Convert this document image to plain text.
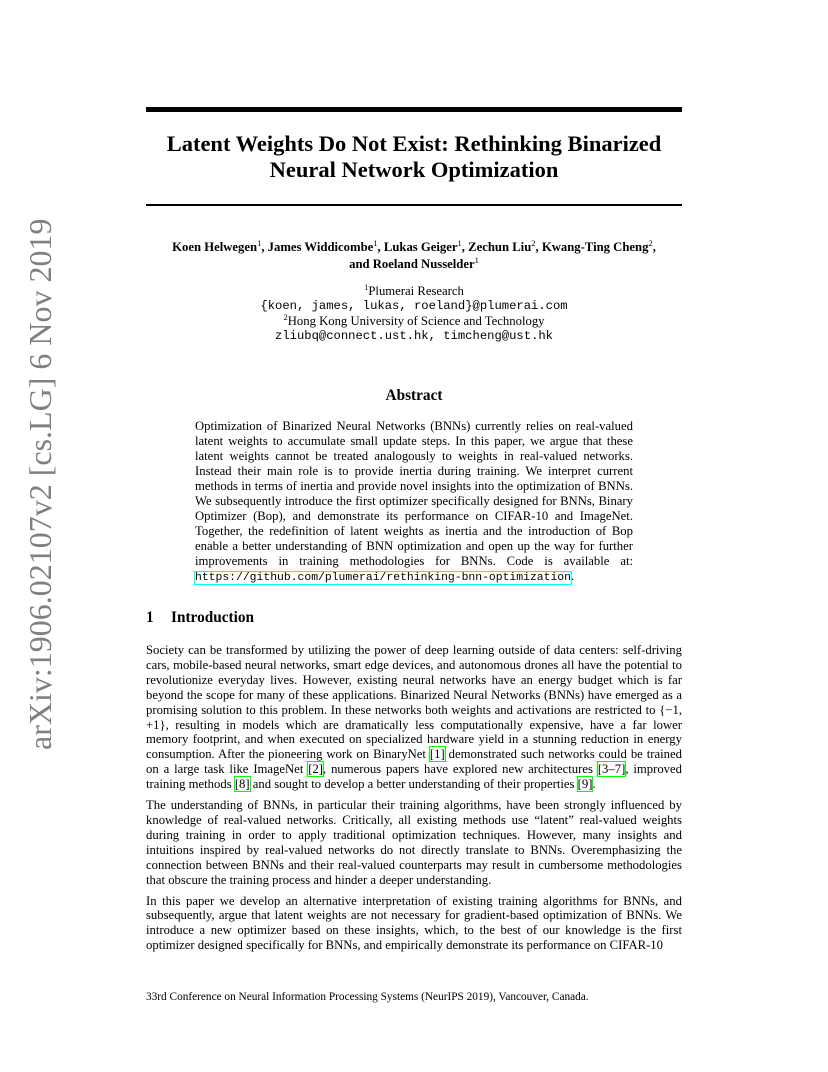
arXiv:1906.02107v2 [cs.LG] 6 Nov 2019
Latent Weights Do Not Exist: Rethinking Binarized
Neural Network Optimization
Koen Helwegen$^1$, James Widdicombe$^1$, Lukas Geiger$^1$, Zechun Liu$^2$, Kwang-Ting Cheng$^2$,
and Roeland Nusselder$^1$
$^1$Plumerai Research
{koen, james, lukas, roeland}@plumerai.com
$^2$Hong Kong University of Science and Technology
zliubq@connect.ust.hk, timcheng@ust.hk
Abstract
Optimization of Binarized Neural Networks (BNNs) currently relies on real-valued latent weights to accumulate small update steps. In this paper, we argue that these latent weights cannot be treated analogously to weights in real-valued networks. Instead their main role is to provide inertia during training. We interpret current methods in terms of inertia and provide novel insights into the optimization of BNNs. We subsequently introduce the first optimizer specifically designed for BNNs, Binary Optimizer (Bop), and demonstrate its performance on CIFAR-10 and ImageNet. Together, the redefinition of latent weights as inertia and the introduction of Bop enable a better understanding of BNN optimization and open up the way for further improvements in training methodologies for BNNs. Code is available at: https://github.com/plumerai/rethinking-bnn-optimization.
1 Introduction

Society can be transformed by utilizing the power of deep learning outside of data centers: self-driving cars, mobile-based neural networks, smart edge devices, and autonomous drones all have the potential to revolutionize everyday lives. However, existing neural networks have an energy budget which is far beyond the scope for many of these applications. Binarized Neural Networks (BNNs) have emerged as a promising solution to this problem. In these networks both weights and activations are restricted to {−1, +1}, resulting in models which are dramatically less computationally expensive, have a far lower memory footprint, and when executed on specialized hardware yield in a stunning reduction in energy consumption. After the pioneering work on BinaryNet [1] demonstrated such networks could be trained on a large task like ImageNet [2], numerous papers have explored new architectures [3–7], improved training methods [8] and sought to develop a better understanding of their properties [9].

The understanding of BNNs, in particular their training algorithms, have been strongly influenced by knowledge of real-valued networks. Critically, all existing methods use “latent” real-valued weights during training in order to apply traditional optimization techniques. However, many insights and intuitions inspired by real-valued networks do not directly translate to BNNs. Overemphasizing the connection between BNNs and their real-valued counterparts may result in cumbersome methodologies that obscure the training process and hinder a deeper understanding.

In this paper we develop an alternative interpretation of existing training algorithms for BNNs, and subsequently, argue that latent weights are not necessary for gradient-based optimization of BNNs. We introduce a new optimizer based on these insights, which, to the best of our knowledge is the first optimizer designed specifically for BNNs, and empirically demonstrate its performance on CIFAR-10

33rd Conference on Neural Information Processing Systems (NeurIPS 2019), Vancouver, Canada.
